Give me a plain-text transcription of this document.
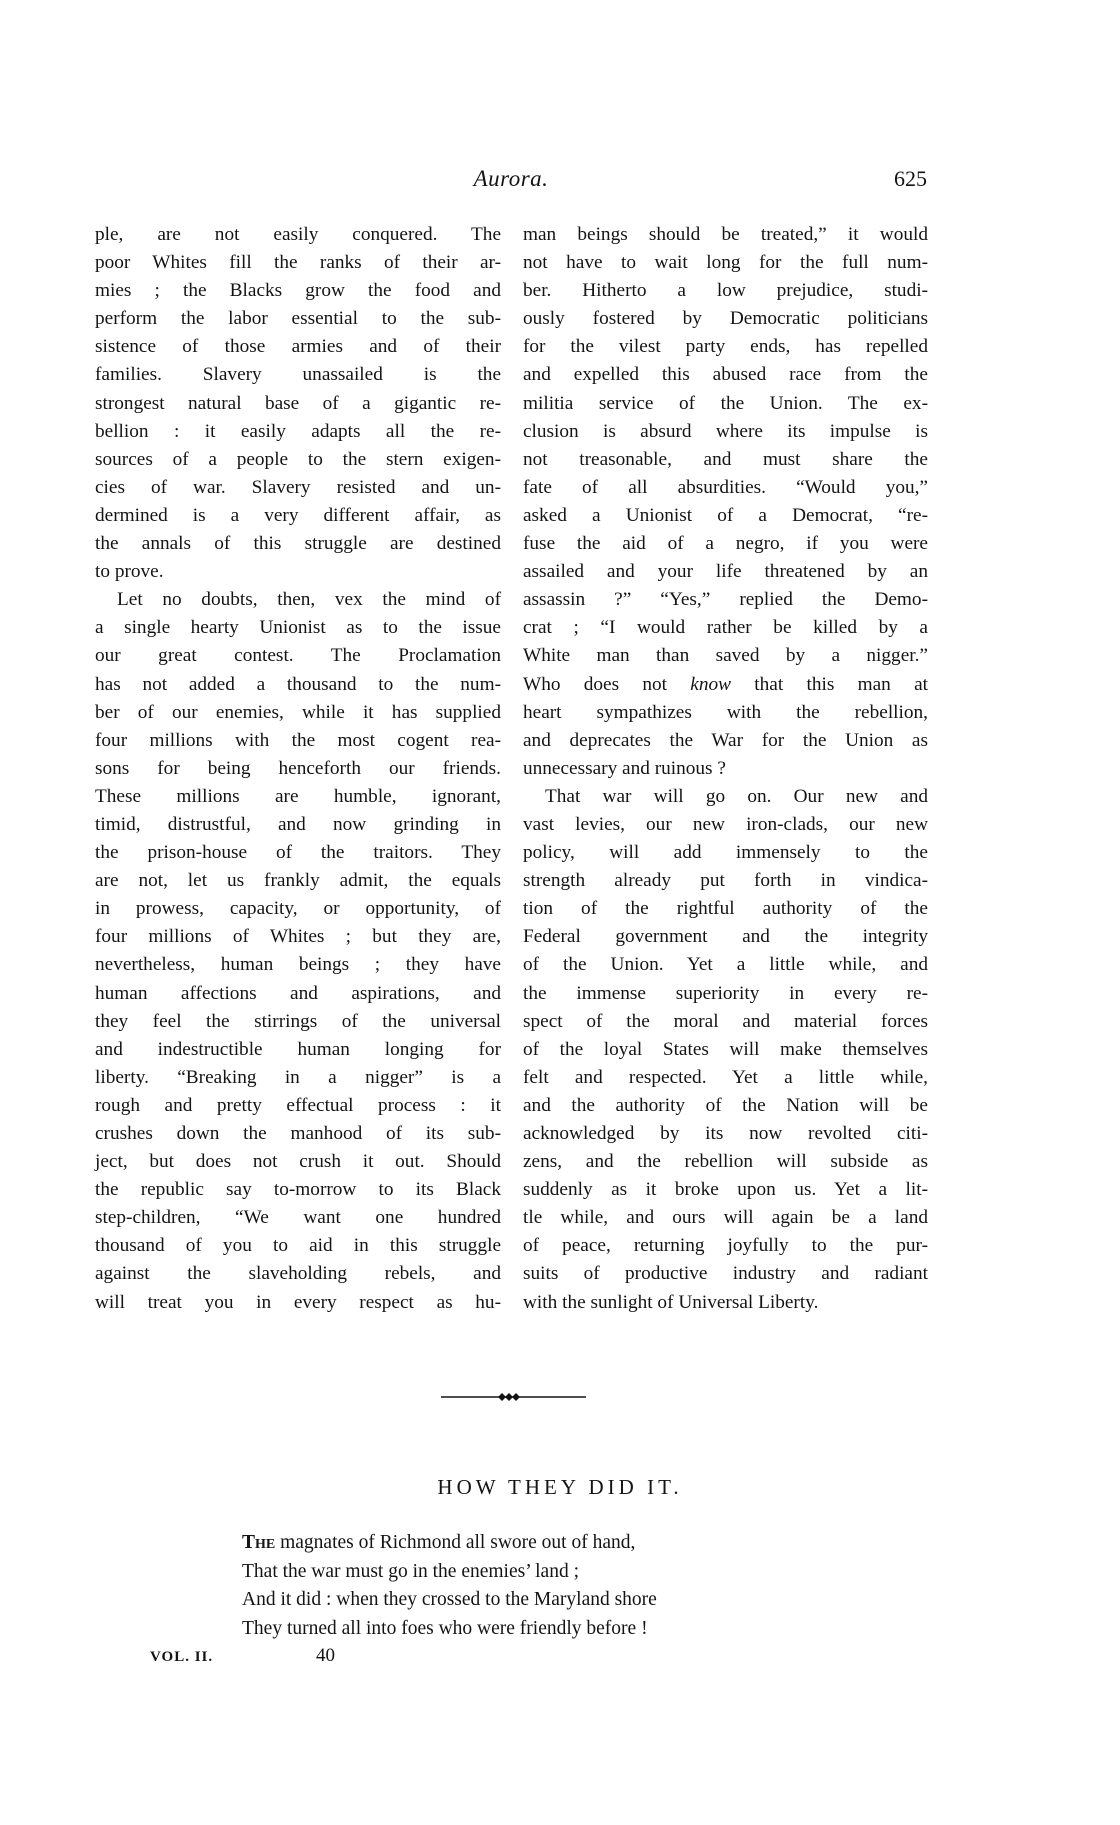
Aurora.	625
ple, are not easily conquered. The
poor Whites fill the ranks of their ar-
mies ; the Blacks grow the food and
perform the labor essential to the sub-
sistence of those armies and of their
families. Slavery unassailed is the
strongest natural base of a gigantic re-
bellion : it easily adapts all the re-
sources of a people to the stern exigen-
cies of war. Slavery resisted and un-
dermined is a very different affair, as
the annals of this struggle are destined
to prove.
Let no doubts, then, vex the mind of
a single hearty Unionist as to the issue
our great contest. The Proclamation
has not added a thousand to the num-
ber of our enemies, while it has supplied
four millions with the most cogent rea-
sons for being henceforth our friends.
These millions are humble, ignorant,
timid, distrustful, and now grinding in
the prison-house of the traitors. They
are not, let us frankly admit, the equals
in prowess, capacity, or opportunity, of
four millions of Whites ; but they are,
nevertheless, human beings ; they have
human affections and aspirations, and
they feel the stirrings of the universal
and indestructible human longing for
liberty. “Breaking in a nigger” is a
rough and pretty effectual process : it
crushes down the manhood of its sub-
ject, but does not crush it out. Should
the republic say to-morrow to its Black
step-children, “We want one hundred
thousand of you to aid in this struggle
against the slaveholding rebels, and
will treat you in every respect as hu-
man beings should be treated,” it would
not have to wait long for the full num-
ber. Hitherto a low prejudice, studi-
ously fostered by Democratic politicians
for the vilest party ends, has repelled
and expelled this abused race from the
militia service of the Union. The ex-
clusion is absurd where its impulse is
not treasonable, and must share the
fate of all absurdities. “Would you,”
asked a Unionist of a Democrat, “re-
fuse the aid of a negro, if you were
assailed and your life threatened by an
assassin ?” “Yes,” replied the Demo-
crat ; “I would rather be killed by a
White man than saved by a nigger.”
Who does not know that this man at
heart sympathizes with the rebellion,
and deprecates the War for the Union as
unnecessary and ruinous ?
That war will go on. Our new and
vast levies, our new iron-clads, our new
policy, will add immensely to the
strength already put forth in vindica-
tion of the rightful authority of the
Federal government and the integrity
of the Union. Yet a little while, and
the immense superiority in every re-
spect of the moral and material forces
of the loyal States will make themselves
felt and respected. Yet a little while,
and the authority of the Nation will be
acknowledged by its now revolted citi-
zens, and the rebellion will subside as
suddenly as it broke upon us. Yet a lit-
tle while, and ours will again be a land
of peace, returning joyfully to the pur-
suits of productive industry and radiant
with the sunlight of Universal Liberty.
HOW THEY DID IT.
The magnates of Richmond all swore out of hand,
That the war must go in the enemies’ land ;
And it did : when they crossed to the Maryland shore
They turned all into foes who were friendly before !
VOL. II.	40
